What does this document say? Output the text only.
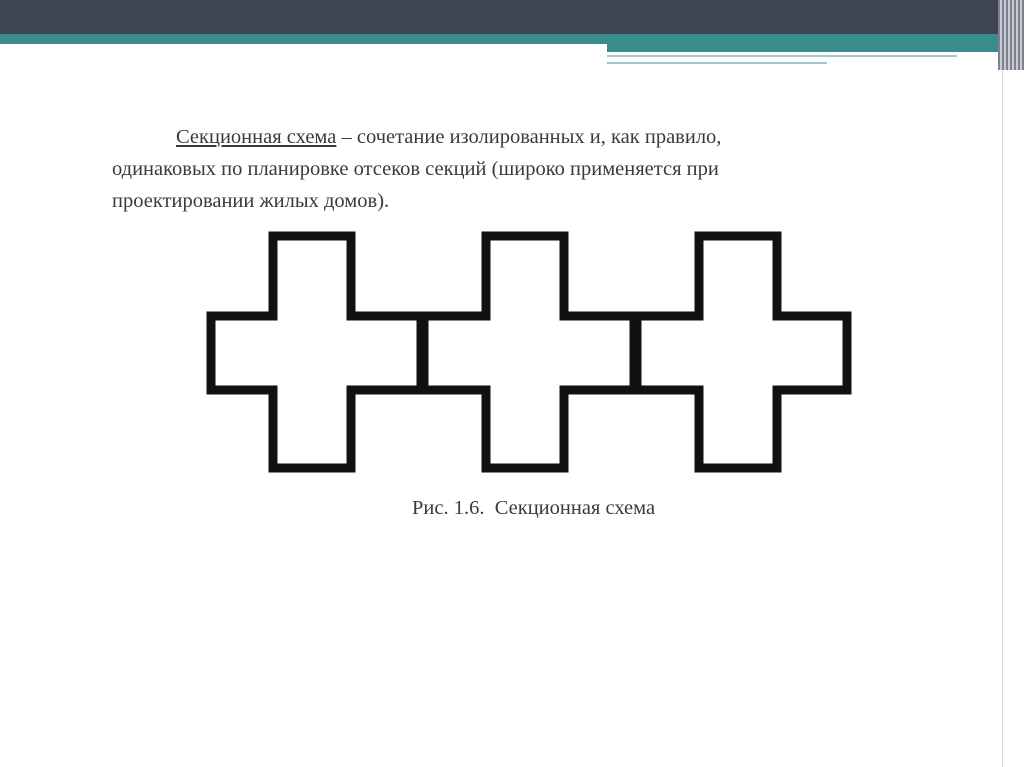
Секционная схема – сочетание изолированных и, как правило,
одинаковых по планировке отсеков секций (широко применяется при
проектировании жилых домов).
Рис. 1.6.  Секционная схема
